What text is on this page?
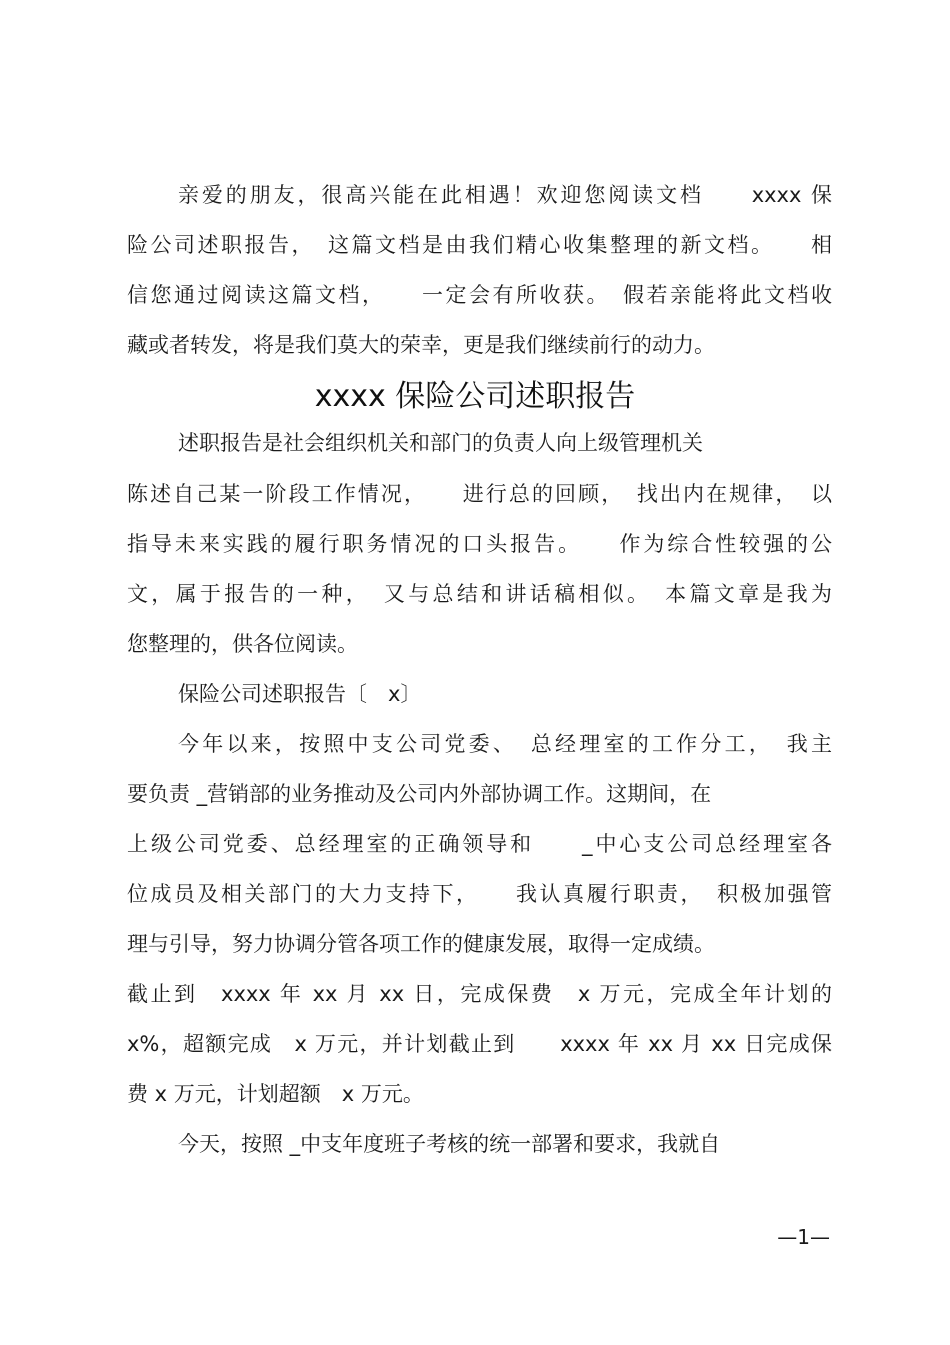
亲爱的朋友，很高兴能在此相遇！欢迎您阅读文档　　xxxx 保
险公司述职报告，　这篇文档是由我们精心收集整理的新文档。　　相
信您通过阅读这篇文档，　　一定会有所收获。　假若亲能将此文档收
藏或者转发，将是我们莫大的荣幸，更是我们继续前行的动力。
xxxx 保险公司述职报告
述职报告是社会组织机关和部门的负责人向上级管理机关
陈述自己某一阶段工作情况，　　进行总的回顾，　找出内在规律，　以
指导未来实践的履行职务情况的口头报告。　　作为综合性较强的公
文，属于报告的一种，　又与总结和讲话稿相似。　本篇文章是我为
您整理的，供各位阅读。
保险公司述职报告〔　x〕
今年以来，按照中支公司党委、　总经理室的工作分工，　我主
要负责 _营销部的业务推动及公司内外部协调工作。这期间，在
上级公司党委、总经理室的正确领导和　　_中心支公司总经理室各
位成员及相关部门的大力支持下，　　我认真履行职责，　积极加强管
理与引导，努力协调分管各项工作的健康发展，取得一定成绩。
截止到　xxxx 年 xx 月 xx 日，完成保费　x 万元，完成全年计划的
x%，超额完成　x 万元，并计划截止到　　xxxx 年 xx 月 xx 日完成保
费 x 万元，计划超额　x 万元。
今天，按照 _中支年度班子考核的统一部署和要求，我就自
—1—
